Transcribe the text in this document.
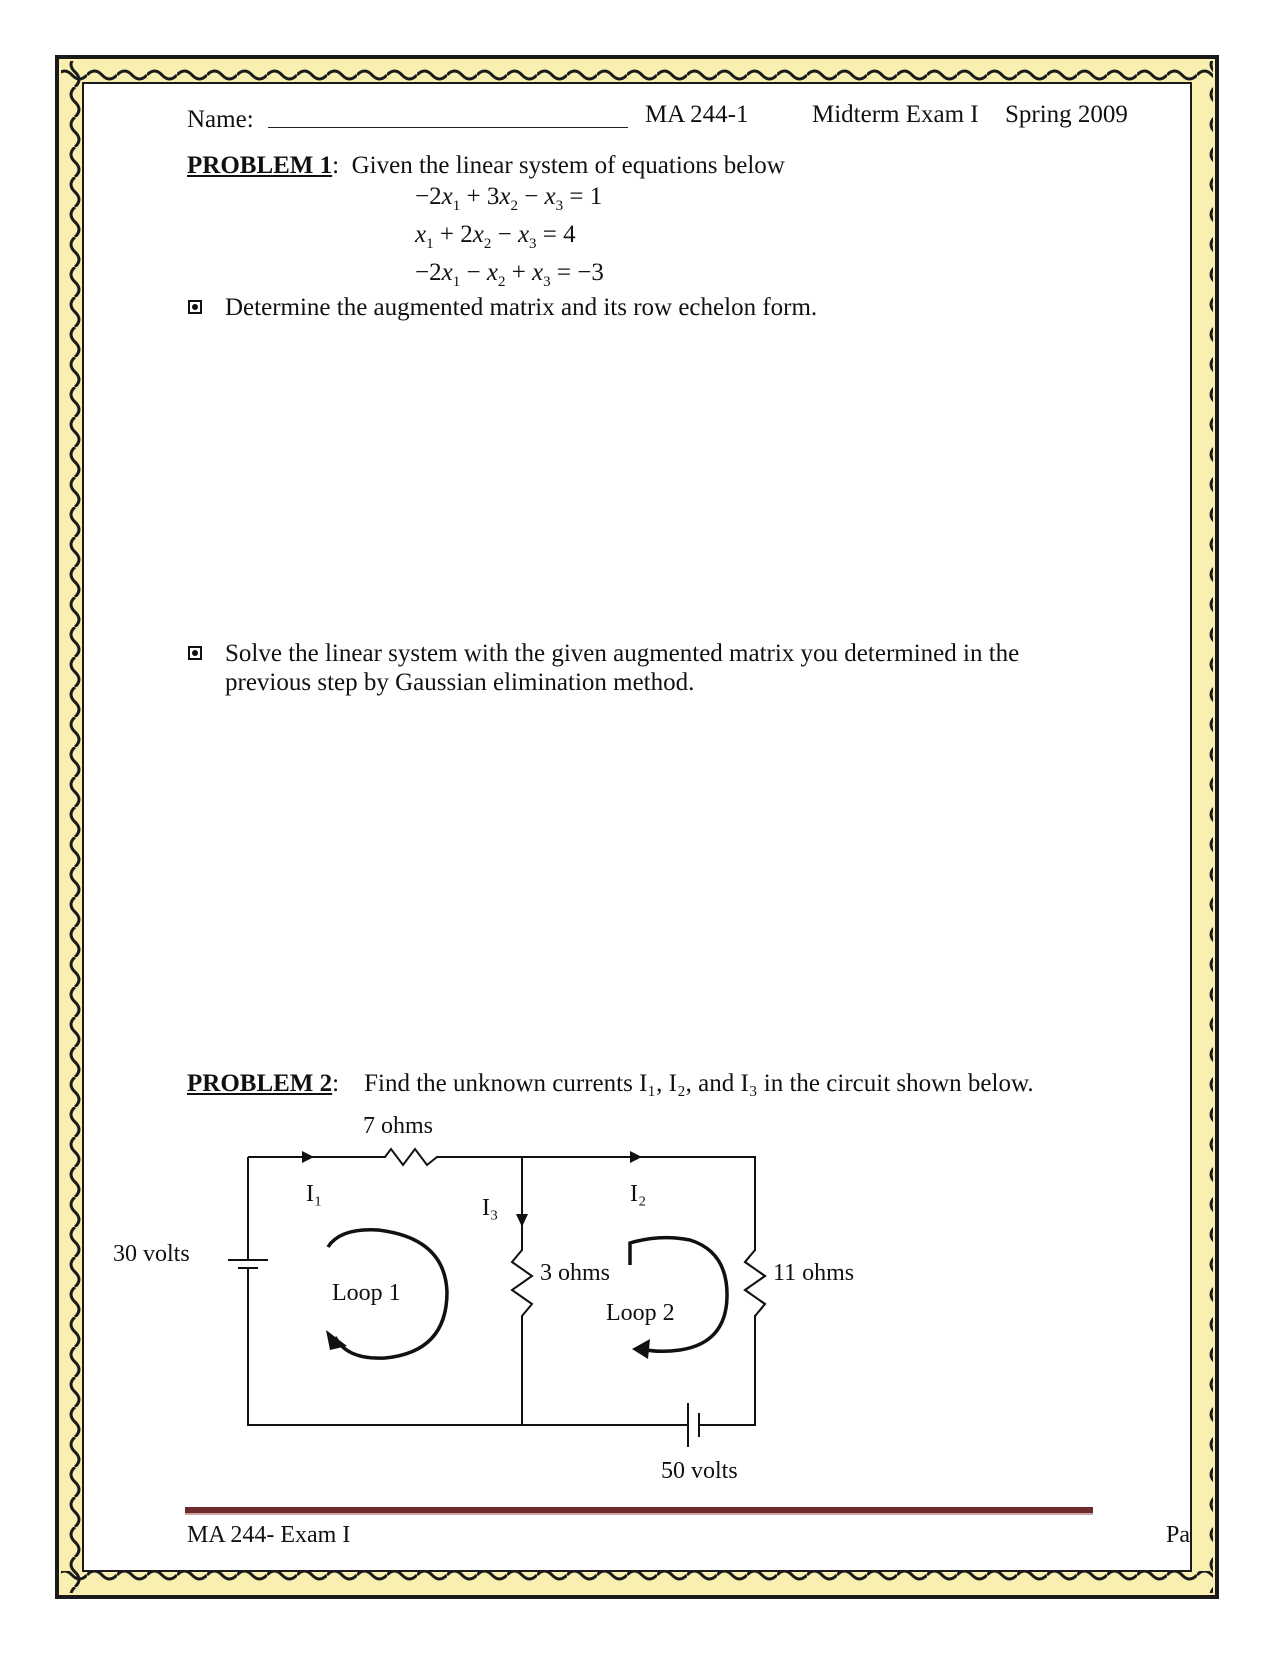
Name:	MA 244-1	Midterm Exam I Spring 2009
PROBLEM 1:  Given the linear system of equations below
$-2x_1 + 3x_2 - x_3 = 1$
$x_1 + 2x_2 - x_3 = 4$
$-2x_1 - x_2 + x_3 = -3$
Determine the augmented matrix and its row echelon form.
Solve the linear system with the given augmented matrix you determined in the
previous step by Gaussian elimination method.
PROBLEM 2:    Find the unknown currents I₁, I₂, and I₃ in the circuit shown below.
7 ohms
I₁	I₂
I₃
30 volts
Loop 1
3 ohms
Loop 2
11 ohms
50 volts
MA 244- Exam I	Pa
